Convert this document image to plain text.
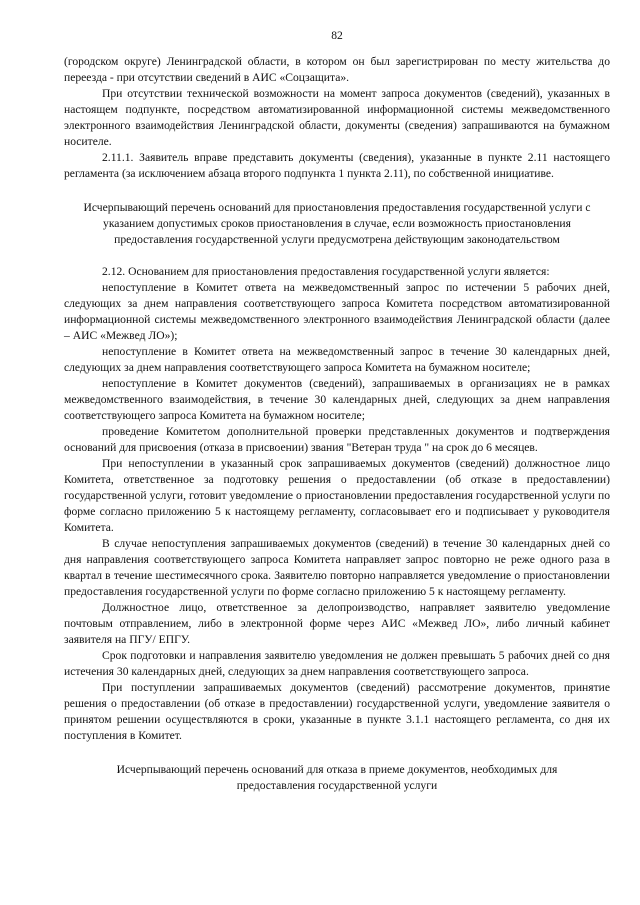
82

(городском округе) Ленинградской области, в котором он был зарегистрирован по месту жительства до переезда - при отсутствии сведений в АИС «Соцзащита».

При отсутствии технической возможности на момент запроса документов (сведений), указанных в настоящем подпункте, посредством автоматизированной информационной системы межведомственного электронного взаимодействия Ленинградской области, документы (сведения) запрашиваются на бумажном носителе.

2.11.1. Заявитель вправе представить документы (сведения), указанные в пункте 2.11 настоящего регламента (за исключением абзаца второго подпункта 1 пункта 2.11), по собственной инициативе.

Исчерпывающий перечень оснований для приостановления предоставления государственной услуги с указанием допустимых сроков приостановления в случае, если возможность приостановления предоставления государственной услуги предусмотрена действующим законодательством

2.12. Основанием для приостановления предоставления государственной услуги является:

непоступление в Комитет ответа на межведомственный запрос по истечении 5 рабочих дней, следующих за днем направления соответствующего запроса Комитета посредством автоматизированной информационной системы межведомственного электронного взаимодействия Ленинградской области (далее – АИС «Межвед ЛО»);

непоступление в Комитет ответа на межведомственный запрос в течение 30 календарных дней, следующих за днем направления соответствующего запроса Комитета на бумажном носителе;

непоступление в Комитет документов (сведений), запрашиваемых в организациях не в рамках межведомственного взаимодействия, в течение 30 календарных дней, следующих за днем направления соответствующего запроса Комитета на бумажном носителе;

проведение Комитетом дополнительной проверки представленных документов и подтверждения оснований для присвоения (отказа в присвоении) звания "Ветеран труда " на срок до 6 месяцев.

При непоступлении в указанный срок запрашиваемых документов (сведений) должностное лицо Комитета, ответственное за подготовку решения о предоставлении (об отказе в предоставлении) государственной услуги, готовит уведомление о приостановлении предоставления государственной услуги по форме согласно приложению 5 к настоящему регламенту, согласовывает его и подписывает у руководителя Комитета.

В случае непоступления запрашиваемых документов (сведений) в течение 30 календарных дней со дня направления соответствующего запроса Комитета направляет запрос повторно не реже одного раза в квартал в течение шестимесячного срока. Заявителю повторно направляется уведомление о приостановлении предоставления государственной услуги по форме согласно приложению 5 к настоящему регламенту.

Должностное лицо, ответственное за делопроизводство, направляет заявителю уведомление почтовым отправлением, либо в электронной форме через АИС «Межвед ЛО», либо личный кабинет заявителя на ПГУ/ ЕПГУ.

Срок подготовки и направления заявителю уведомления не должен превышать 5 рабочих дней со дня истечения 30 календарных дней, следующих за днем направления соответствующего запроса.

При поступлении запрашиваемых документов (сведений) рассмотрение документов, принятие решения о предоставлении (об отказе в предоставлении) государственной услуги, уведомление заявителя о принятом решении осуществляются в сроки, указанные в пункте 3.1.1 настоящего регламента, со дня их поступления в Комитет.

Исчерпывающий перечень оснований для отказа в приеме документов, необходимых для предоставления государственной услуги
